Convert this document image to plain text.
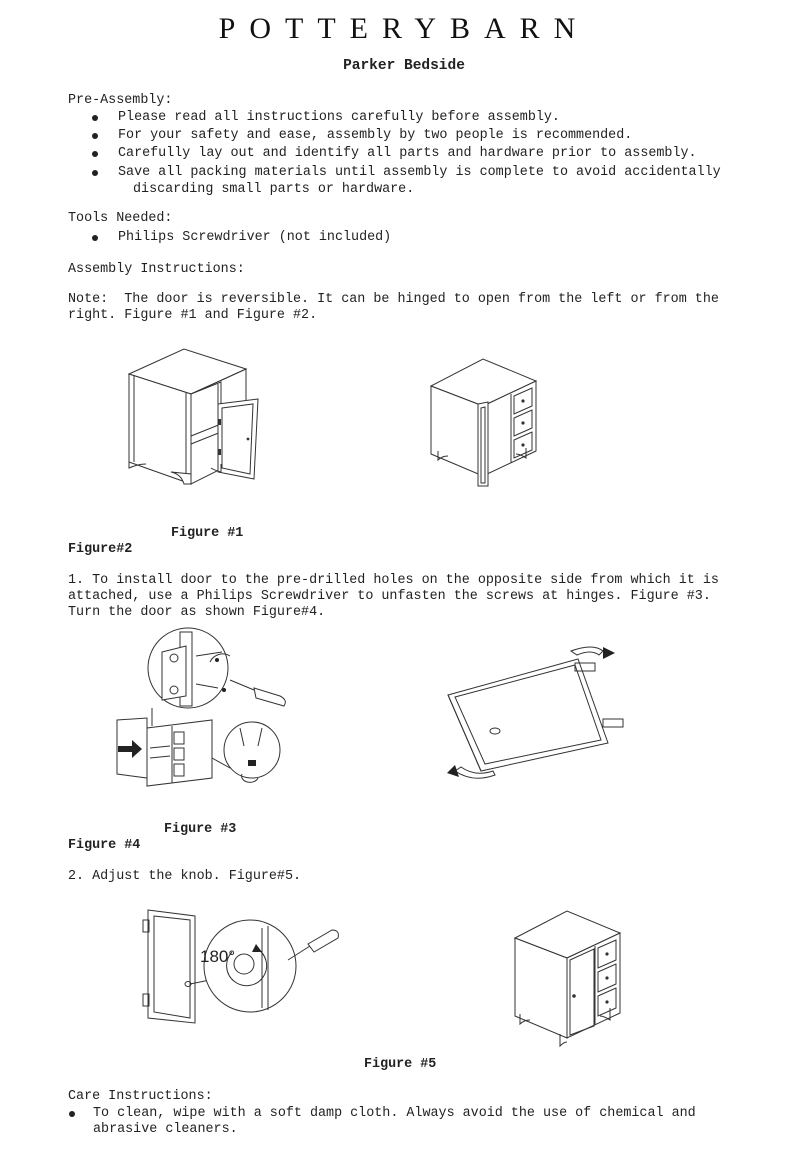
POTTERYBARN
Parker Bedside
Pre-Assembly:
Please read all instructions carefully before assembly.
For your safety and ease, assembly by two people is recommended.
Carefully lay out and identify all parts and hardware prior to assembly.
Save all packing materials until assembly is complete to avoid accidentally
discarding small parts or hardware.
Tools Needed:
Philips Screwdriver (not included)
Assembly Instructions:
Note:  The door is reversible. It can be hinged to open from the left or from the
right. Figure #1 and Figure #2.
Figure #1
Figure#2
1. To install door to the pre-drilled holes on the opposite side from which it is
attached, use a Philips Screwdriver to unfasten the screws at hinges. Figure #3.
Turn the door as shown Figure#4.
Figure #3
Figure #4
2. Adjust the knob. Figure#5.
180°
Figure #5
Care Instructions:
To clean, wipe with a soft damp cloth. Always avoid the use of chemical and
abrasive cleaners.
